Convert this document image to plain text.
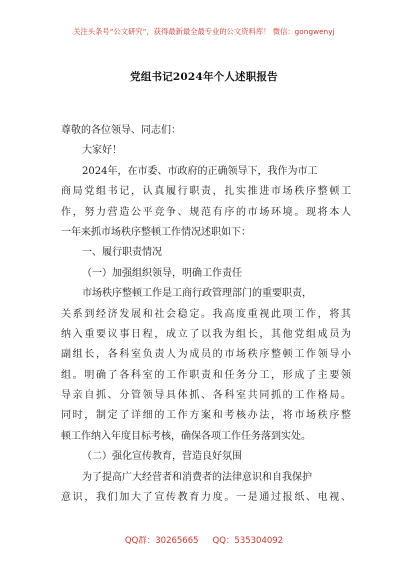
关注头条号“公文研究”，获得最新最全最专业的公文资料库！ 微信：gongwenyj
党组书记2024年个人述职报告
尊敬的各位领导、同志们：
大家好！
2024年，在市委、市政府的正确领导下，我作为市工
商局党组书记，认真履行职责，扎实推进市场秩序整顿工
作，努力营造公平竞争、规范有序的市场环境。现将本人
一年来抓市场秩序整顿工作情况述职如下：
一、履行职责情况
（一）加强组织领导，明确工作责任
市场秩序整顿工作是工商行政管理部门的重要职责，
关系到经济发展和社会稳定。我高度重视此项工作，将其
纳入重要议事日程，成立了以我为组长，其他党组成员为
副组长，各科室负责人为成员的市场秩序整顿工作领导小
组。明确了各科室的工作职责和任务分工，形成了主要领
导亲自抓、分管领导具体抓、各科室共同抓的工作格局。
同时，制定了详细的工作方案和考核办法，将市场秩序整
顿工作纳入年度目标考核，确保各项工作任务落到实处。
（二）强化宣传教育，营造良好氛围
为了提高广大经营者和消费者的法律意识和自我保护
意识，我们加大了宣传教育力度。一是通过报纸、电视、
QQ群：30265665 QQ：535304092
